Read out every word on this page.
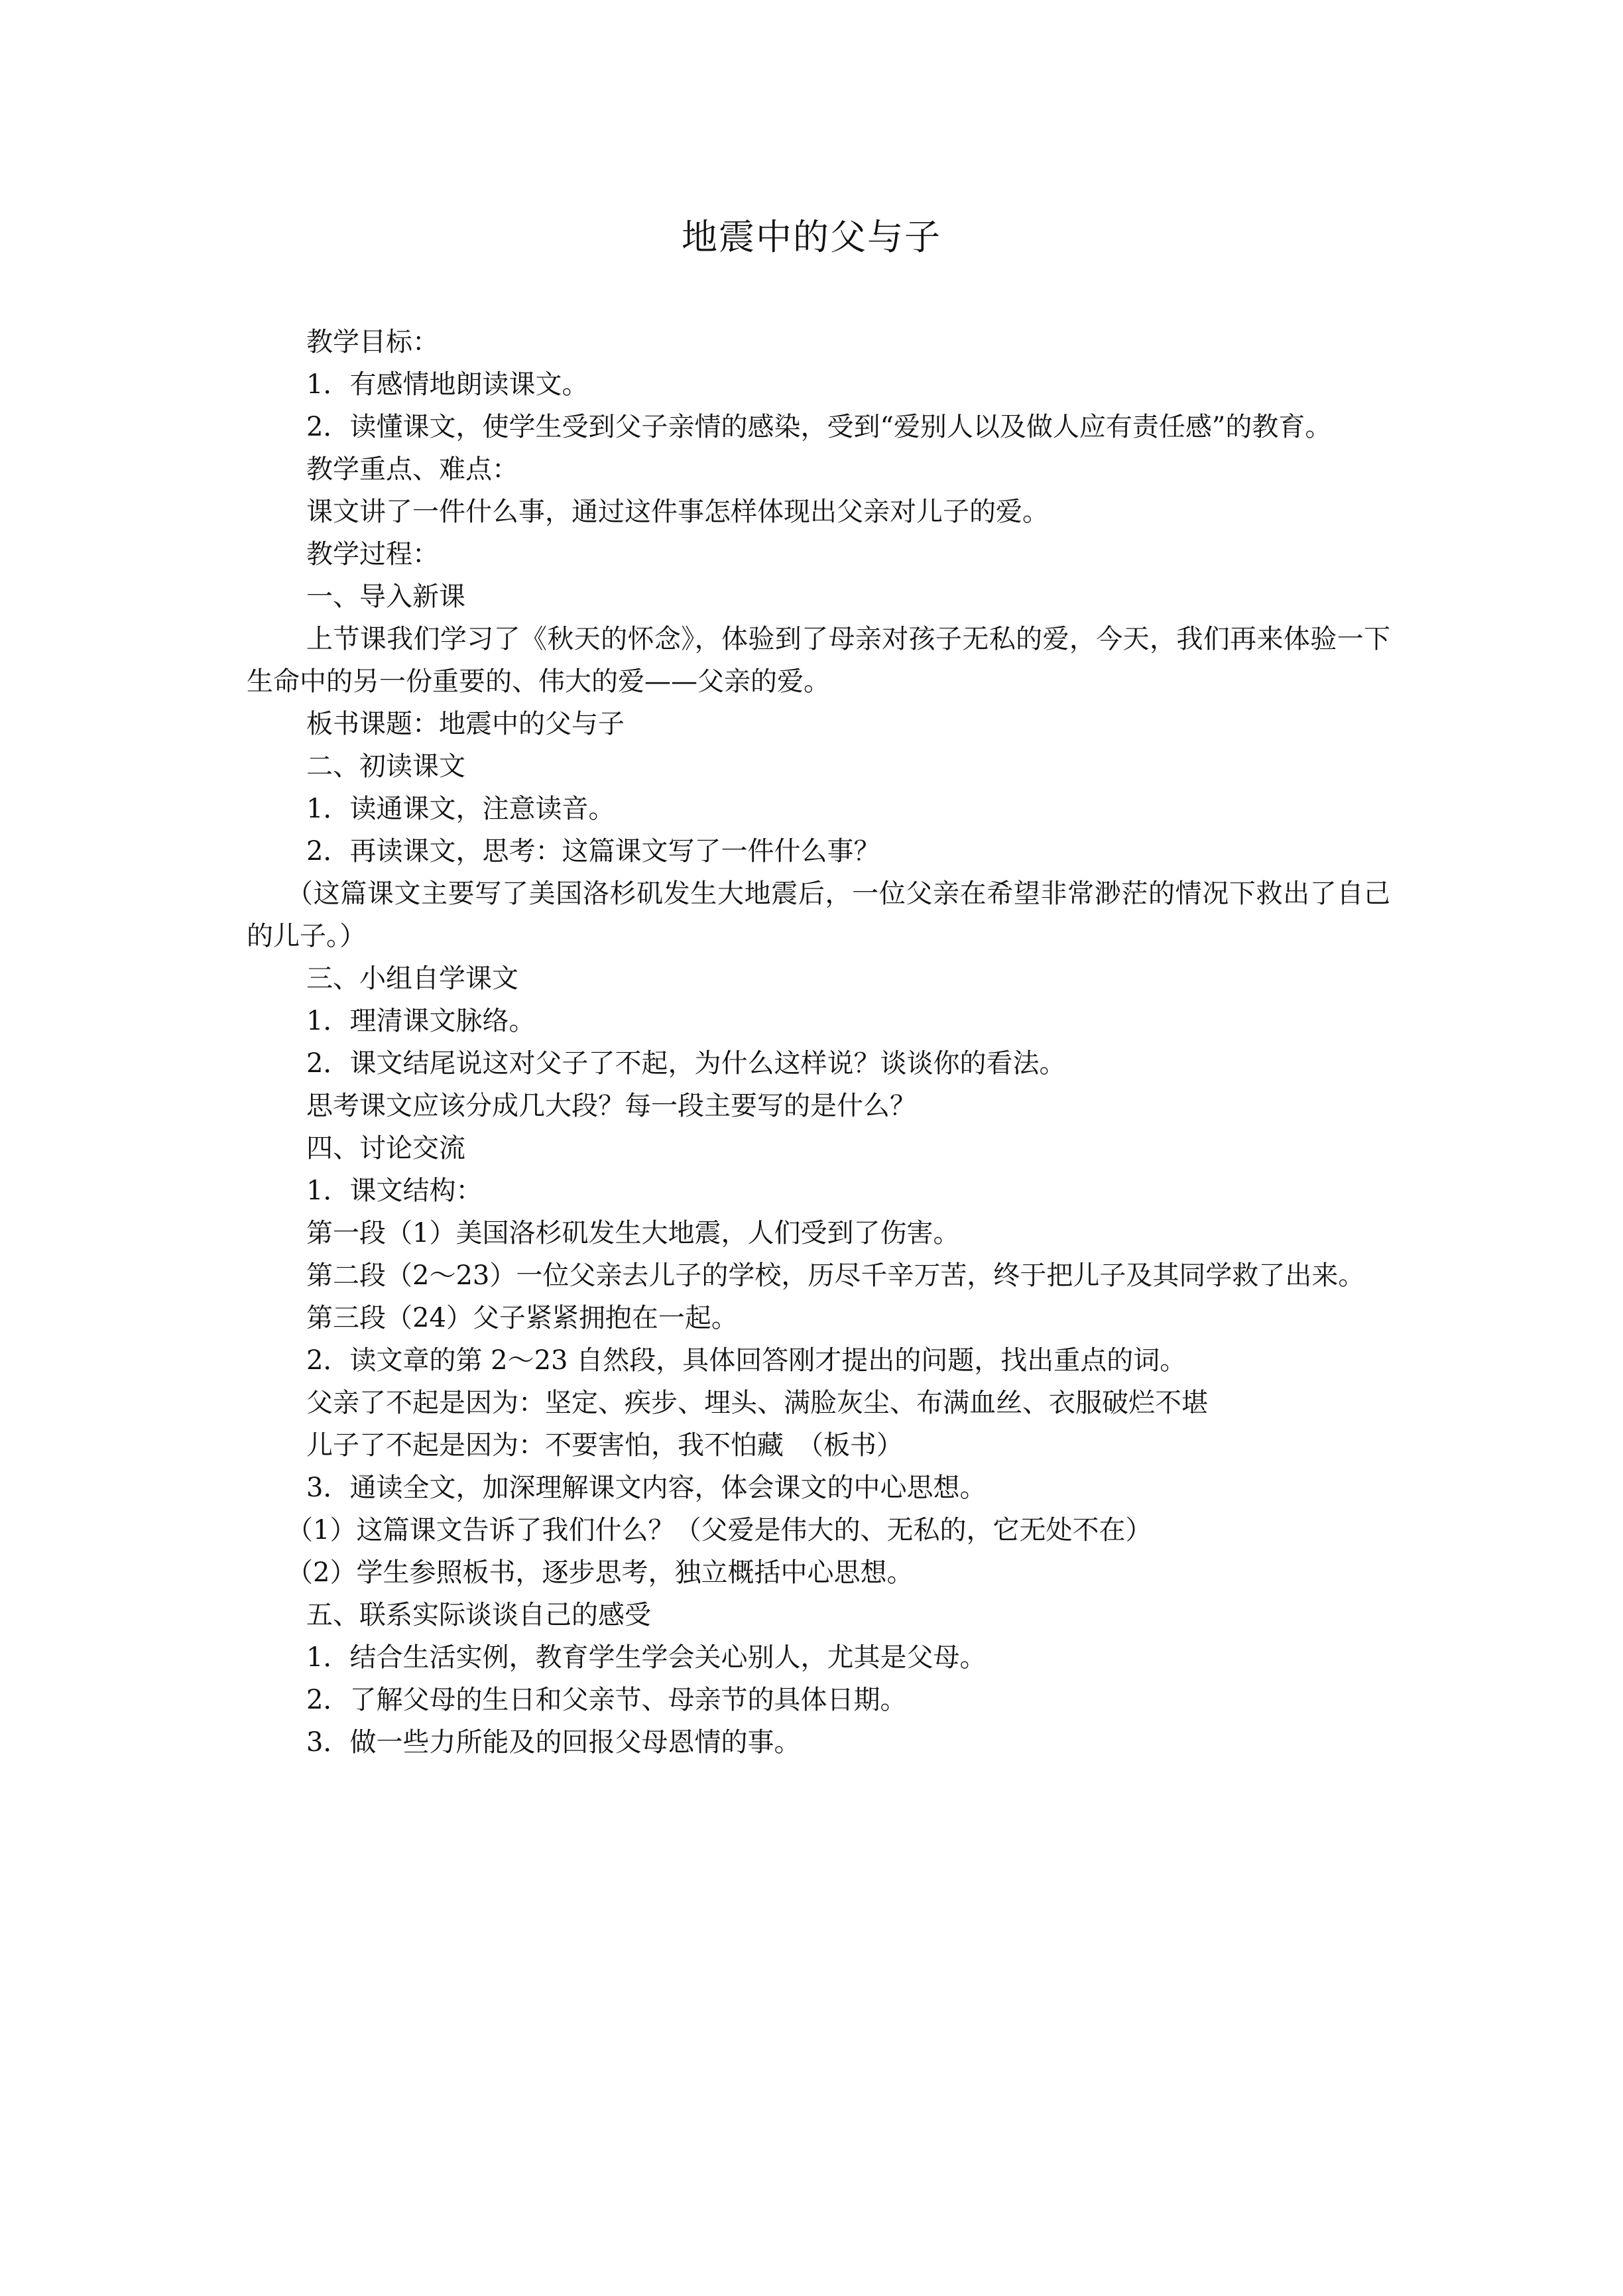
地震中的父与子

教学目标：

1．有感情地朗读课文。

2．读懂课文，使学生受到父子亲情的感染，受到“爱别人以及做人应有责任感”的教育。

教学重点、难点：

课文讲了一件什么事，通过这件事怎样体现出父亲对儿子的爱。

教学过程：

一、导入新课

上节课我们学习了《秋天的怀念》，体验到了母亲对孩子无私的爱，今天，我们再来体验一下生命中的另一份重要的、伟大的爱——父亲的爱。

板书课题：地震中的父与子

二、初读课文

1．读通课文，注意读音。

2．再读课文，思考：这篇课文写了一件什么事？

（这篇课文主要写了美国洛杉矶发生大地震后，一位父亲在希望非常渺茫的情况下救出了自己的儿子。）

三、小组自学课文

1．理清课文脉络。

2．课文结尾说这对父子了不起，为什么这样说？谈谈你的看法。

思考课文应该分成几大段？每一段主要写的是什么？

四、讨论交流

1．课文结构：

第一段（1）美国洛杉矶发生大地震，人们受到了伤害。

第二段（2～23）一位父亲去儿子的学校，历尽千辛万苦，终于把儿子及其同学救了出来。

第三段（24）父子紧紧拥抱在一起。

2．读文章的第 2～23 自然段，具体回答刚才提出的问题，找出重点的词。

父亲了不起是因为：坚定、疾步、埋头、满脸灰尘、布满血丝、衣服破烂不堪

儿子了不起是因为：不要害怕，我不怕藏　（板书）

3．通读全文，加深理解课文内容，体会课文的中心思想。

（1）这篇课文告诉了我们什么？（父爱是伟大的、无私的，它无处不在）

（2）学生参照板书，逐步思考，独立概括中心思想。

五、联系实际谈谈自己的感受

1．结合生活实例，教育学生学会关心别人，尤其是父母。

2．了解父母的生日和父亲节、母亲节的具体日期。

3．做一些力所能及的回报父母恩情的事。
